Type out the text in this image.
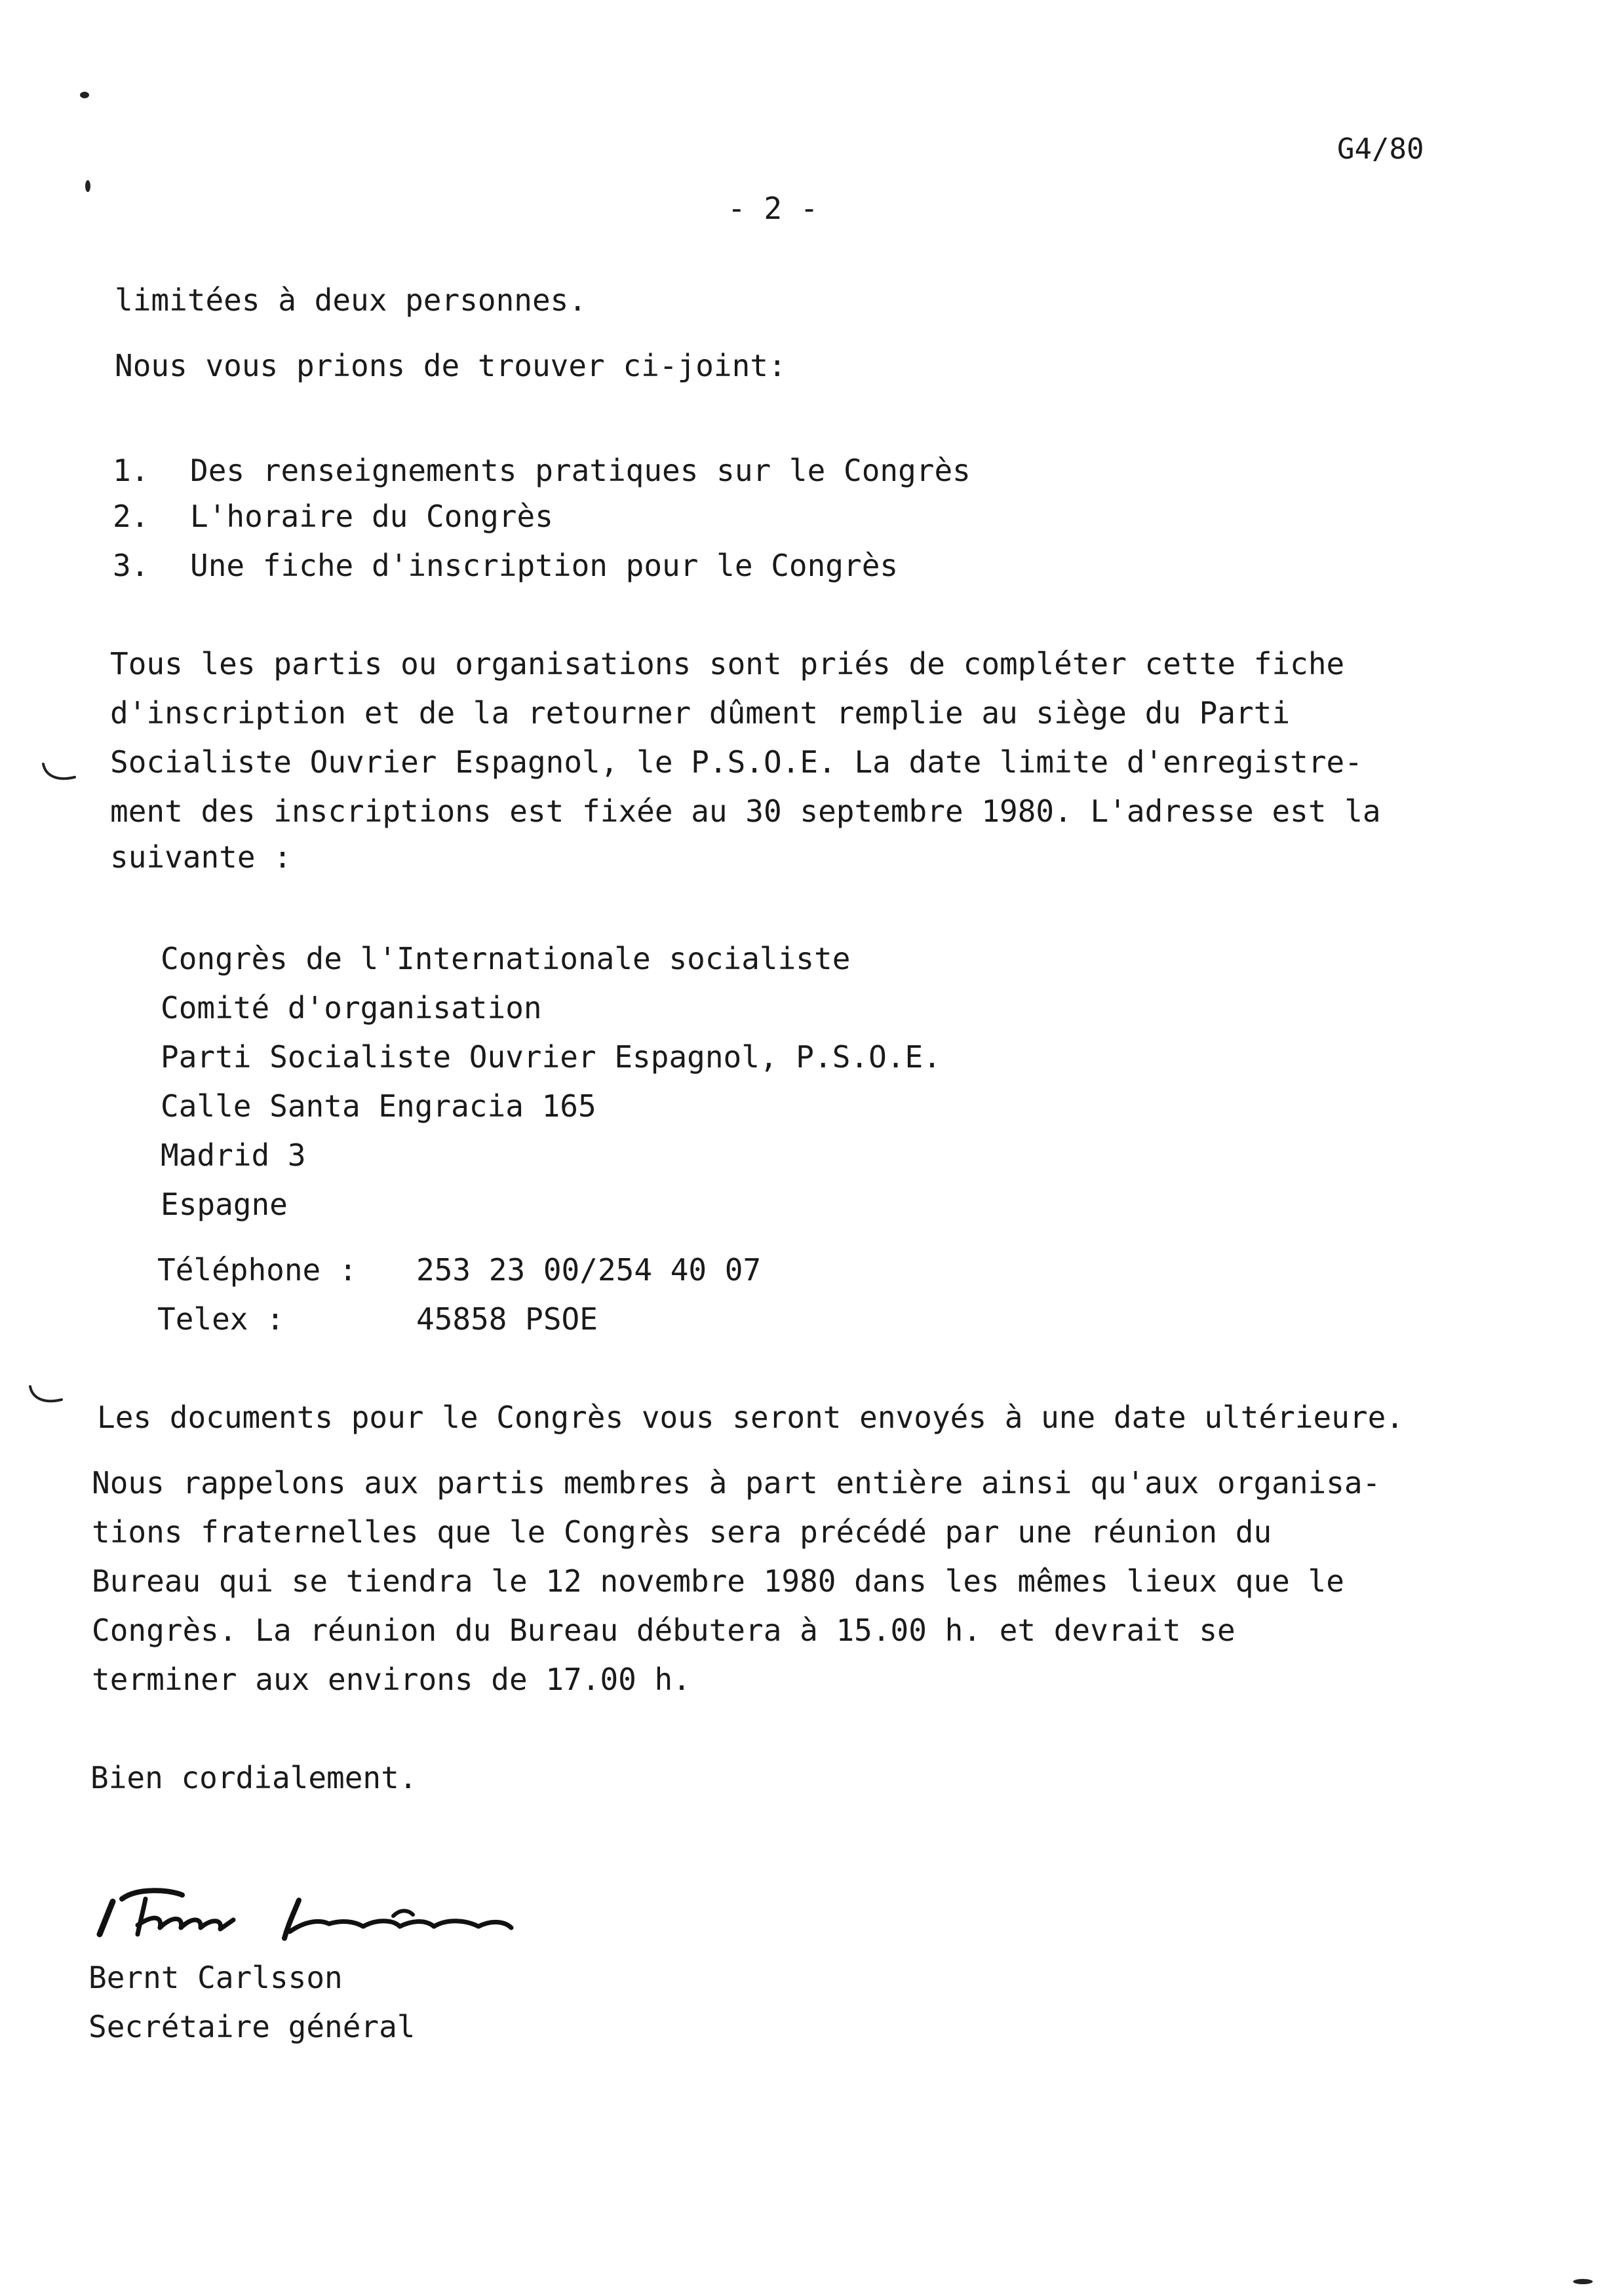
G4/80
- 2 -
limitées à deux personnes.
Nous vous prions de trouver ci-joint:
1. Des renseignements pratiques sur le Congrès
2. L'horaire du Congrès
3. Une fiche d'inscription pour le Congrès
Tous les partis ou organisations sont priés de compléter cette fiche
d'inscription et de la retourner dûment remplie au siège du Parti
Socialiste Ouvrier Espagnol, le P.S.O.E. La date limite d'enregistre-
ment des inscriptions est fixée au 30 septembre 1980. L'adresse est la
suivante :
Congrès de l'Internationale socialiste
Comité d'organisation
Parti Socialiste Ouvrier Espagnol, P.S.O.E.
Calle Santa Engracia 165
Madrid 3
Espagne
Téléphone : 253 23 00/254 40 07
Telex :	45858 PSOE
Les documents pour le Congrès vous seront envoyés à une date ultérieure.
Nous rappelons aux partis membres à part entière ainsi qu'aux organisa-
tions fraternelles que le Congrès sera précédé par une réunion du
Bureau qui se tiendra le 12 novembre 1980 dans les mêmes lieux que le
Congrès. La réunion du Bureau débutera à 15.00 h. et devrait se
terminer aux environs de 17.00 h.
Bien cordialement.
Bernt Carlsson
Secrétaire général
